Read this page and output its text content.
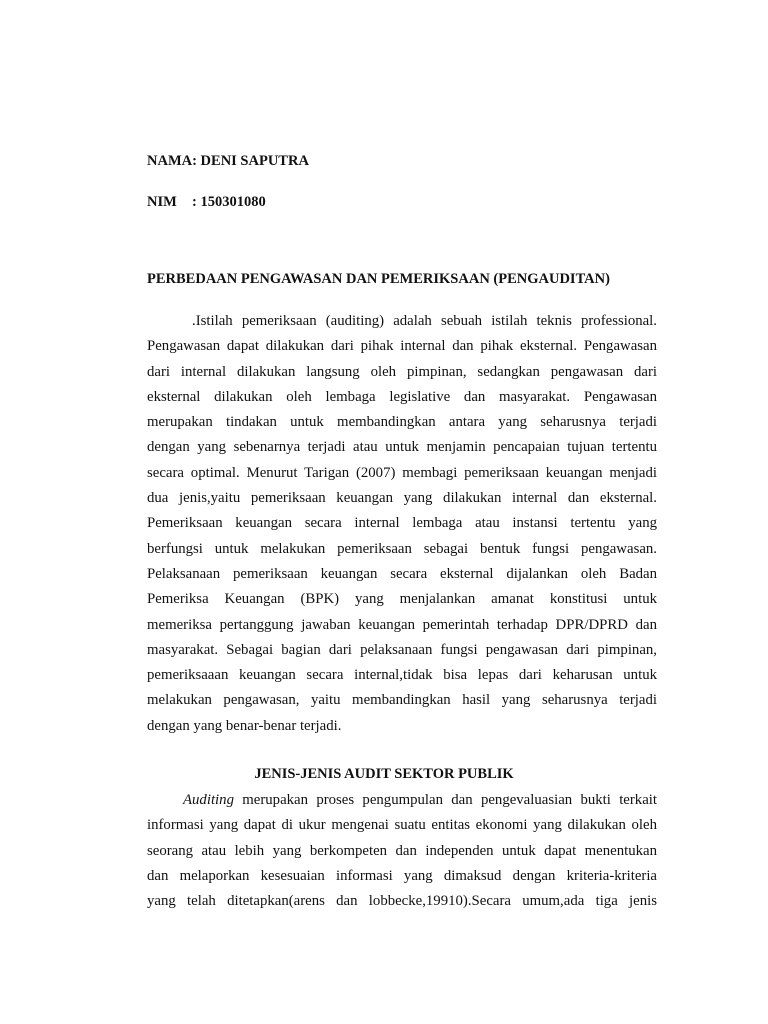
NAMA: DENI SAPUTRA
NIM : 150301080
PERBEDAAN PENGAWASAN DAN PEMERIKSAAN (PENGAUDITAN)
.Istilah pemeriksaan (auditing) adalah sebuah istilah teknis professional.
Pengawasan dapat dilakukan dari pihak internal dan pihak eksternal. Pengawasan
dari internal dilakukan langsung oleh pimpinan, sedangkan pengawasan dari
eksternal dilakukan oleh lembaga legislative dan masyarakat. Pengawasan
merupakan tindakan untuk membandingkan antara yang seharusnya terjadi
dengan yang sebenarnya terjadi atau untuk menjamin pencapaian tujuan tertentu
secara optimal. Menurut Tarigan (2007) membagi pemeriksaan keuangan menjadi
dua jenis,yaitu pemeriksaan keuangan yang dilakukan internal dan eksternal.
Pemeriksaan keuangan secara internal lembaga atau instansi tertentu yang
berfungsi untuk melakukan pemeriksaan sebagai bentuk fungsi pengawasan.
Pelaksanaan pemeriksaan keuangan secara eksternal dijalankan oleh Badan
Pemeriksa Keuangan (BPK) yang menjalankan amanat konstitusi untuk
memeriksa pertanggung jawaban keuangan pemerintah terhadap DPR/DPRD dan
masyarakat. Sebagai bagian dari pelaksanaan fungsi pengawasan dari pimpinan,
pemeriksaaan keuangan secara internal,tidak bisa lepas dari keharusan untuk
melakukan pengawasan, yaitu membandingkan hasil yang seharusnya terjadi
dengan yang benar-benar terjadi.
JENIS-JENIS AUDIT SEKTOR PUBLIK
Auditing merupakan proses pengumpulan dan pengevaluasian bukti terkait
informasi yang dapat di ukur mengenai suatu entitas ekonomi yang dilakukan oleh
seorang atau lebih yang berkompeten dan independen untuk dapat menentukan
dan melaporkan kesesuaian informasi yang dimaksud dengan kriteria-kriteria
yang telah ditetapkan(arens dan lobbecke,19910).Secara umum,ada tiga jenis
